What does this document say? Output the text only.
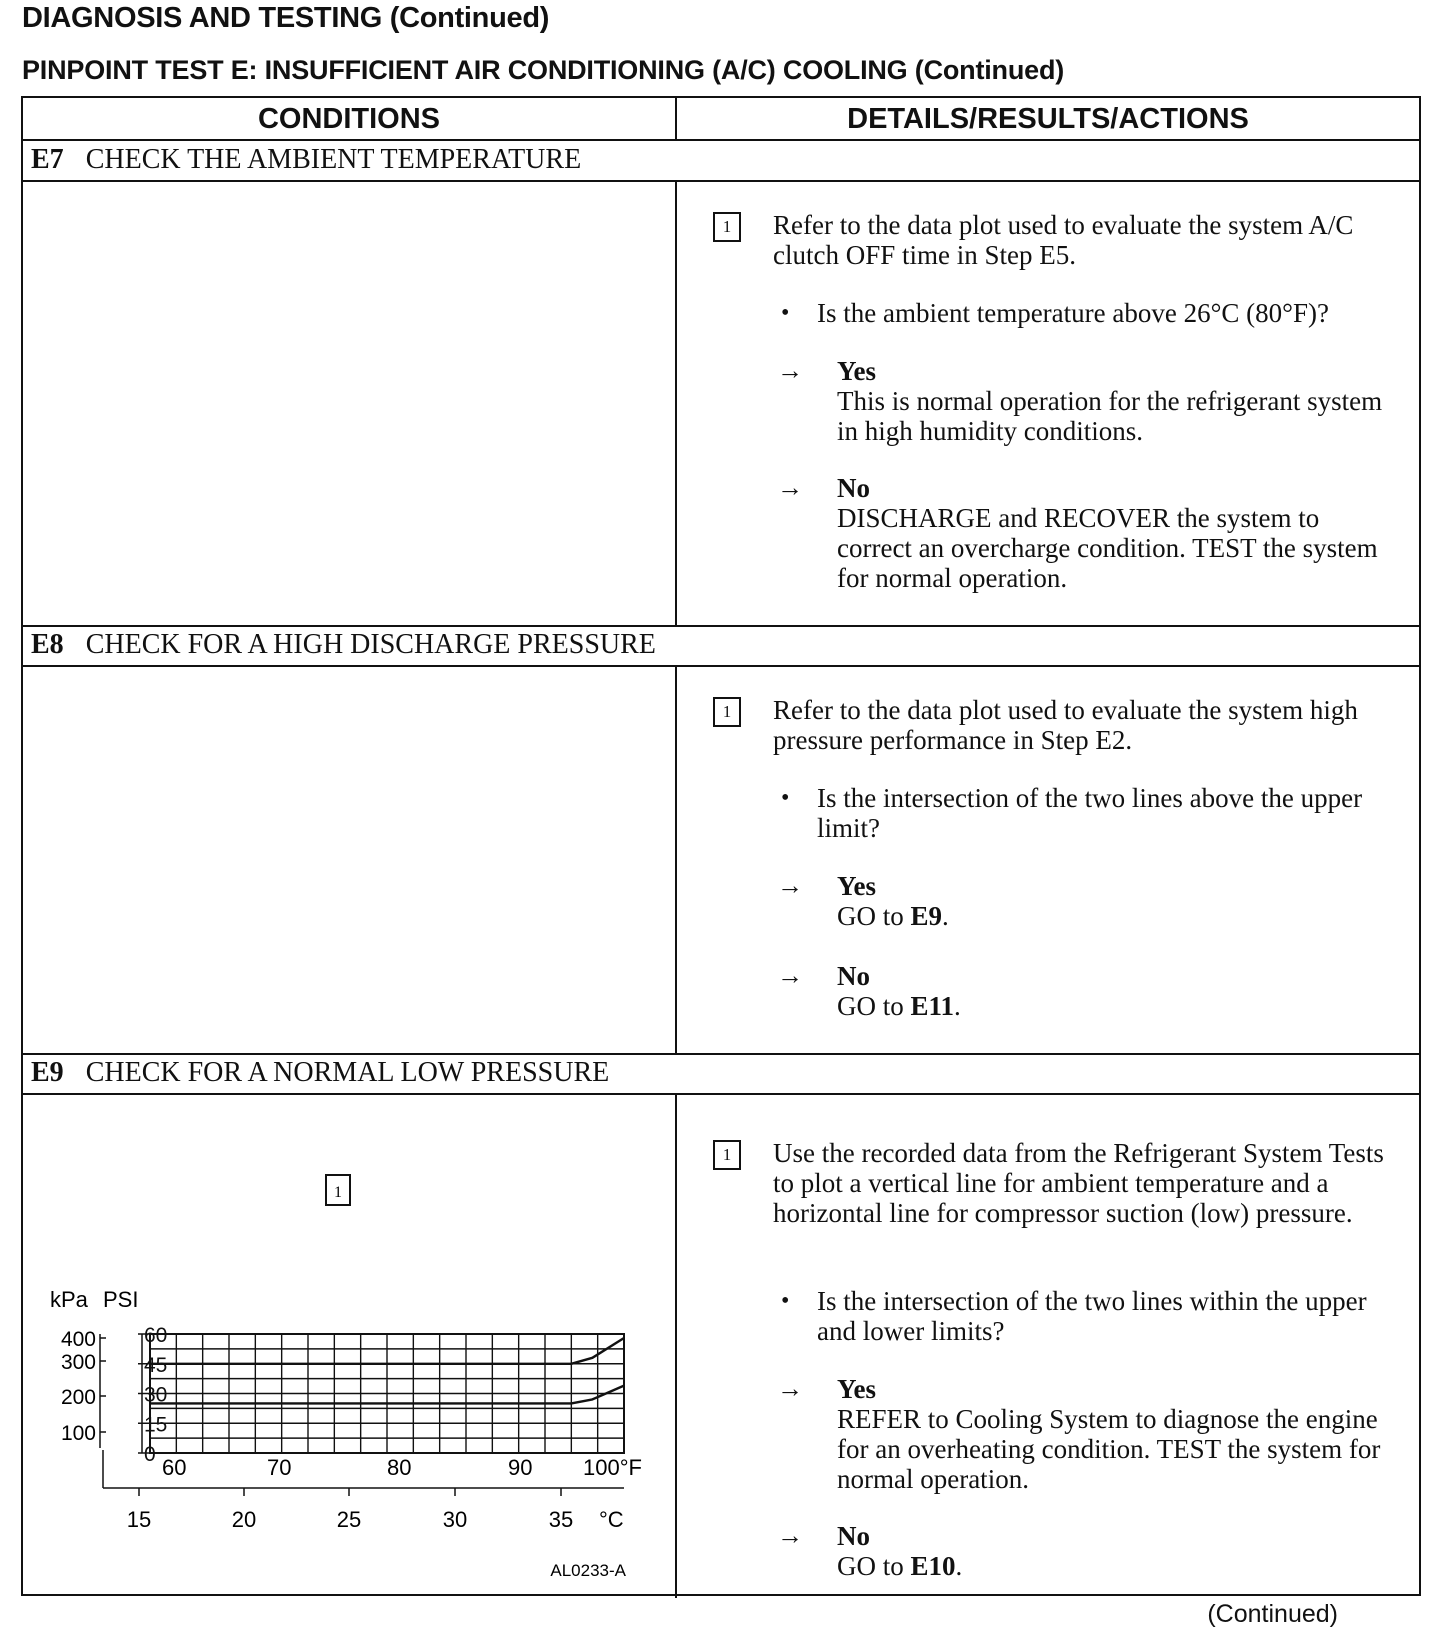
DIAGNOSIS AND TESTING (Continued)
PINPOINT TEST E: INSUFFICIENT AIR CONDITIONING (A/C) COOLING (Continued)
CONDITIONS	DETAILS/RESULTS/ACTIONS
E7 CHECK THE AMBIENT TEMPERATURE
1	Refer to the data plot used to evaluate the system A/C clutch OFF time in Step E5.
• Is the ambient temperature above 26°C (80°F)?
→ Yes
This is normal operation for the refrigerant system in high humidity conditions.
→ No
DISCHARGE and RECOVER the system to correct an overcharge condition. TEST the system for normal operation.
E8 CHECK FOR A HIGH DISCHARGE PRESSURE
1	Refer to the data plot used to evaluate the system high pressure performance in Step E2.
• Is the intersection of the two lines above the upper limit?
→ Yes
GO to E9.
→ No
GO to E11.
E9 CHECK FOR A NORMAL LOW PRESSURE
1	Use the recorded data from the Refrigerant System Tests to plot a vertical line for ambient temperature and a horizontal line for compressor suction (low) pressure.
• Is the intersection of the two lines within the upper and lower limits?
→ Yes
REFER to Cooling System to diagnose the engine for an overheating condition. TEST the system for normal operation.
→ No
GO to E10.
1
kPa PSI
60
45
30
15
0
400
300
200
100
60	70	80	90 100°F
15	20	25	30	35 °C
AL0233-A
(Continued)
